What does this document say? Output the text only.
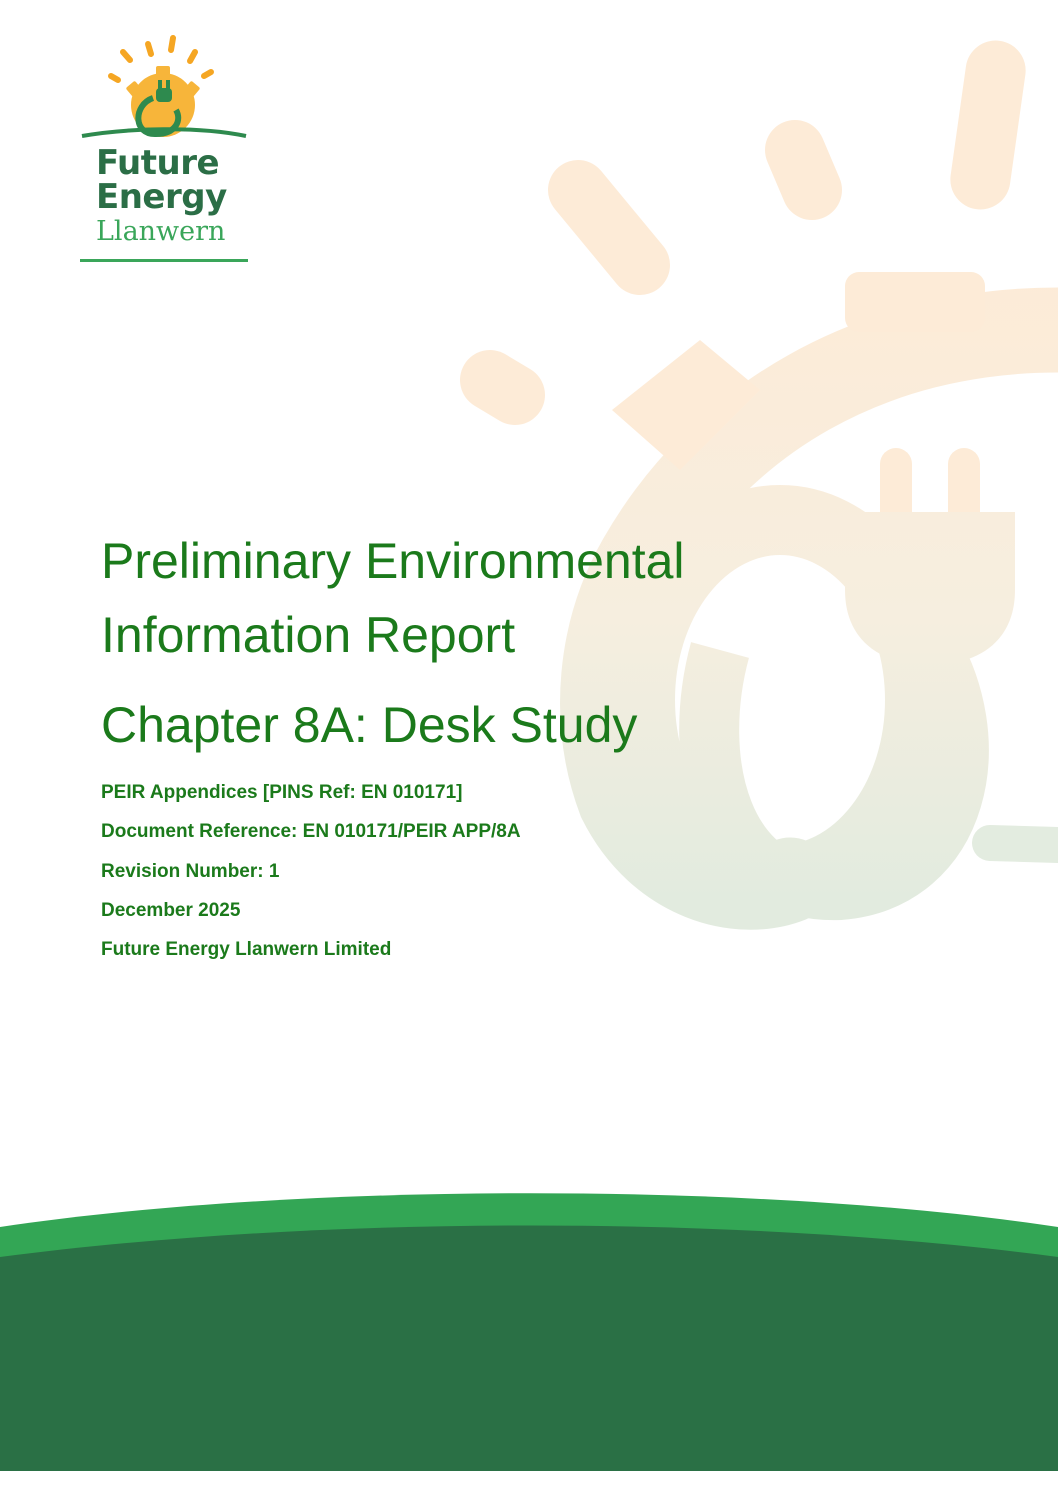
Future
Energy
Llanwern
Preliminary Environmental Information Report
Chapter 8A: Desk Study
PEIR Appendices [PINS Ref: EN 010171]
Document Reference: EN 010171/PEIR APP/8A
Revision Number: 1
December 2025
Future Energy Llanwern Limited
